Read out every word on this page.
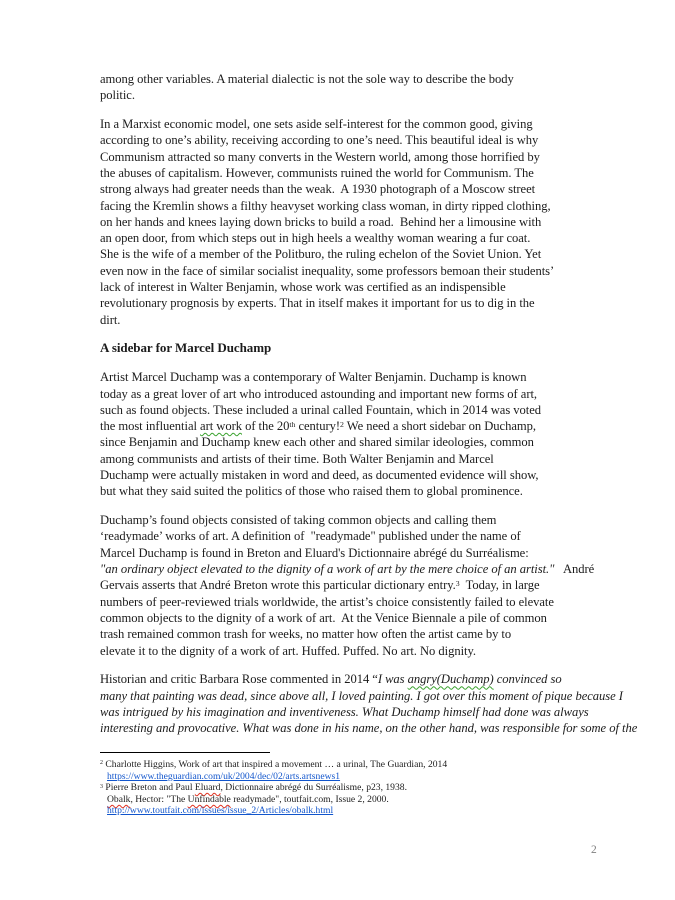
among other variables. A material dialectic is not the sole way to describe the body
politic.
In a Marxist economic model, one sets aside self-interest for the common good, giving
according to one’s ability, receiving according to one’s need. This beautiful ideal is why
Communism attracted so many converts in the Western world, among those horrified by
the abuses of capitalism. However, communists ruined the world for Communism. The
strong always had greater needs than the weak.  A 1930 photograph of a Moscow street
facing the Kremlin shows a filthy heavyset working class woman, in dirty ripped clothing,
on her hands and knees laying down bricks to build a road.  Behind her a limousine with
an open door, from which steps out in high heels a wealthy woman wearing a fur coat.
She is the wife of a member of the Politburo, the ruling echelon of the Soviet Union. Yet
even now in the face of similar socialist inequality, some professors bemoan their students’
lack of interest in Walter Benjamin, whose work was certified as an indispensible
revolutionary prognosis by experts. That in itself makes it important for us to dig in the
dirt.
A sidebar for Marcel Duchamp
Artist Marcel Duchamp was a contemporary of Walter Benjamin. Duchamp is known
today as a great lover of art who introduced astounding and important new forms of art,
such as found objects. These included a urinal called Fountain, which in 2014 was voted
the most influential art work of the 20th century!$^2$ We need a short sidebar on Duchamp,
since Benjamin and Duchamp knew each other and shared similar ideologies, common
among communists and artists of their time. Both Walter Benjamin and Marcel
Duchamp were actually mistaken in word and deed, as documented evidence will show,
but what they said suited the politics of those who raised them to global prominence.
Duchamp’s found objects consisted of taking common objects and calling them
‘readymade’ works of art. A definition of  "readymade" published under the name of
Marcel Duchamp is found in Breton and Eluard's Dictionnaire abrégé du Surréalisme:
"an ordinary object elevated to the dignity of a work of art by the mere choice of an artist."   André
Gervais asserts that André Breton wrote this particular dictionary entry.$^3$  Today, in large
numbers of peer-reviewed trials worldwide, the artist’s choice consistently failed to elevate
common objects to the dignity of a work of art.  At the Venice Biennale a pile of common
trash remained common trash for weeks, no matter how often the artist came by to
elevate it to the dignity of a work of art. Huffed. Puffed. No art. No dignity.
Historian and critic Barbara Rose commented in 2014 “I was angry(Duchamp) convinced so
many that painting was dead, since above all, I loved painting. I got over this moment of pique because I
was intrigued by his imagination and inventiveness. What Duchamp himself had done was always
interesting and provocative. What was done in his name, on the other hand, was responsible for some of the
$^2$ Charlotte Higgins, Work of art that inspired a movement … a urinal, The Guardian, 2014
https://www.theguardian.com/uk/2004/dec/02/arts.artsnews1
$^3$ Pierre Breton and Paul Eluard, Dictionnaire abrégé du Surréalisme, p23, 1938.
Obalk, Hector: "The Unfindable readymade", toutfait.com, Issue 2, 2000.
http://www.toutfait.com/issues/issue_2/Articles/obalk.html
2
